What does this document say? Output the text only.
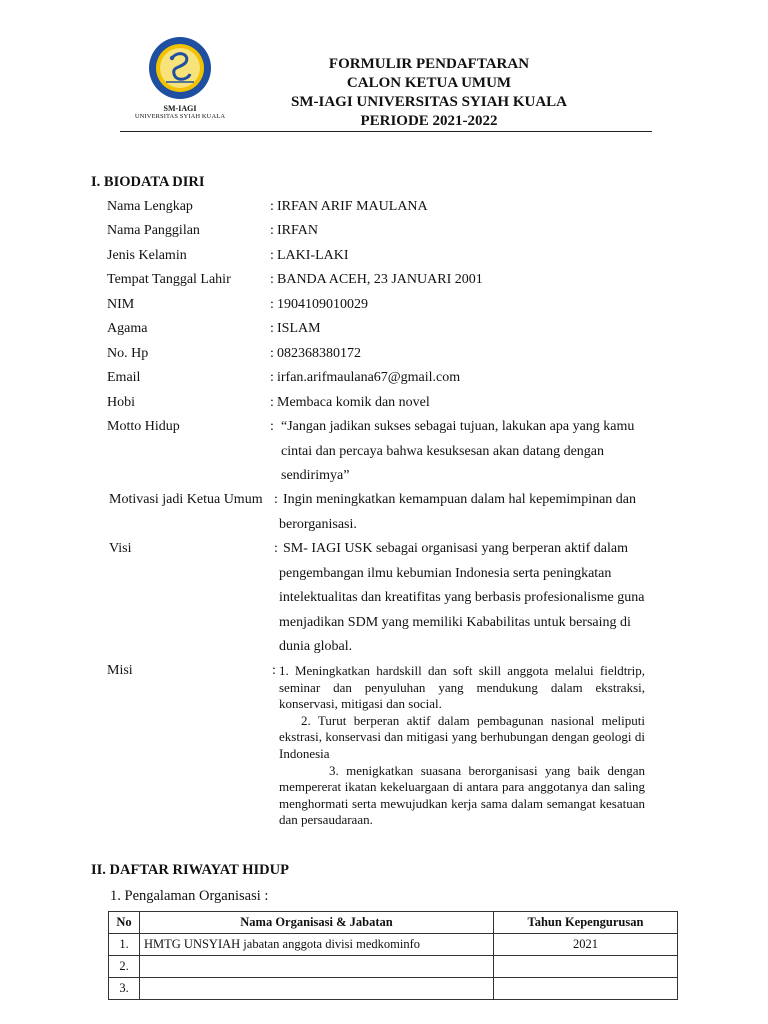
SM-IAGI
UNIVERSITAS SYIAH KUALA
FORMULIR PENDAFTARAN
CALON KETUA UMUM
SM-IAGI UNIVERSITAS SYIAH KUALA
PERIODE 2021-2022
I. BIODATA DIRI
Nama Lengkap	: IRFAN ARIF MAULANA
Nama Panggilan	: IRFAN
Jenis Kelamin	: LAKI-LAKI
Tempat Tanggal Lahir	: BANDA ACEH, 23 JANUARI 2001
NIM	: 1904109010029
Agama	: ISLAM
No. Hp	: 082368380172
Email	: irfan.arifmaulana67@gmail.com
Hobi	: Membaca komik dan novel
Motto Hidup	: “Jangan jadikan sukses sebagai tujuan, lakukan apa yang kamu
cintai dan percaya bahwa kesuksesan akan datang dengan
sendirimya”
Motivasi jadi Ketua Umum : Ingin meningkatkan kemampuan dalam hal kepemimpinan dan
berorganisasi.
Visi	: SM- IAGI USK sebagai organisasi yang berperan aktif dalam
pengembangan ilmu kebumian Indonesia serta peningkatan
intelektualitas dan kreatifitas yang berbasis profesionalisme guna
menjadikan SDM yang memiliki Kababilitas untuk bersaing di
dunia global.
Misi	: 1. Meningkatkan hardskill dan soft skill anggota melalui fieldtrip, seminar dan penyuluhan yang mendukung dalam ekstraksi, konservasi, mitigasi dan social.

2. Turut berperan aktif dalam pembagunan nasional meliputi ekstrasi, konservasi dan mitigasi yang berhubungan dengan geologi di Indonesia

3. menigkatkan suasana berorganisasi yang baik dengan mempererat ikatan kekeluargaan di antara para anggotanya dan saling menghormati serta mewujudkan kerja sama dalam semangat kesatuan dan persaudaraan.

II. DAFTAR RIWAYAT HIDUP
1. Pengalaman Organisasi :
No	Nama Organisasi & Jabatan	Tahun Kepengurusan
1.	HMTG UNSYIAH jabatan anggota divisi medkominfo	2021
2.		
3.		
